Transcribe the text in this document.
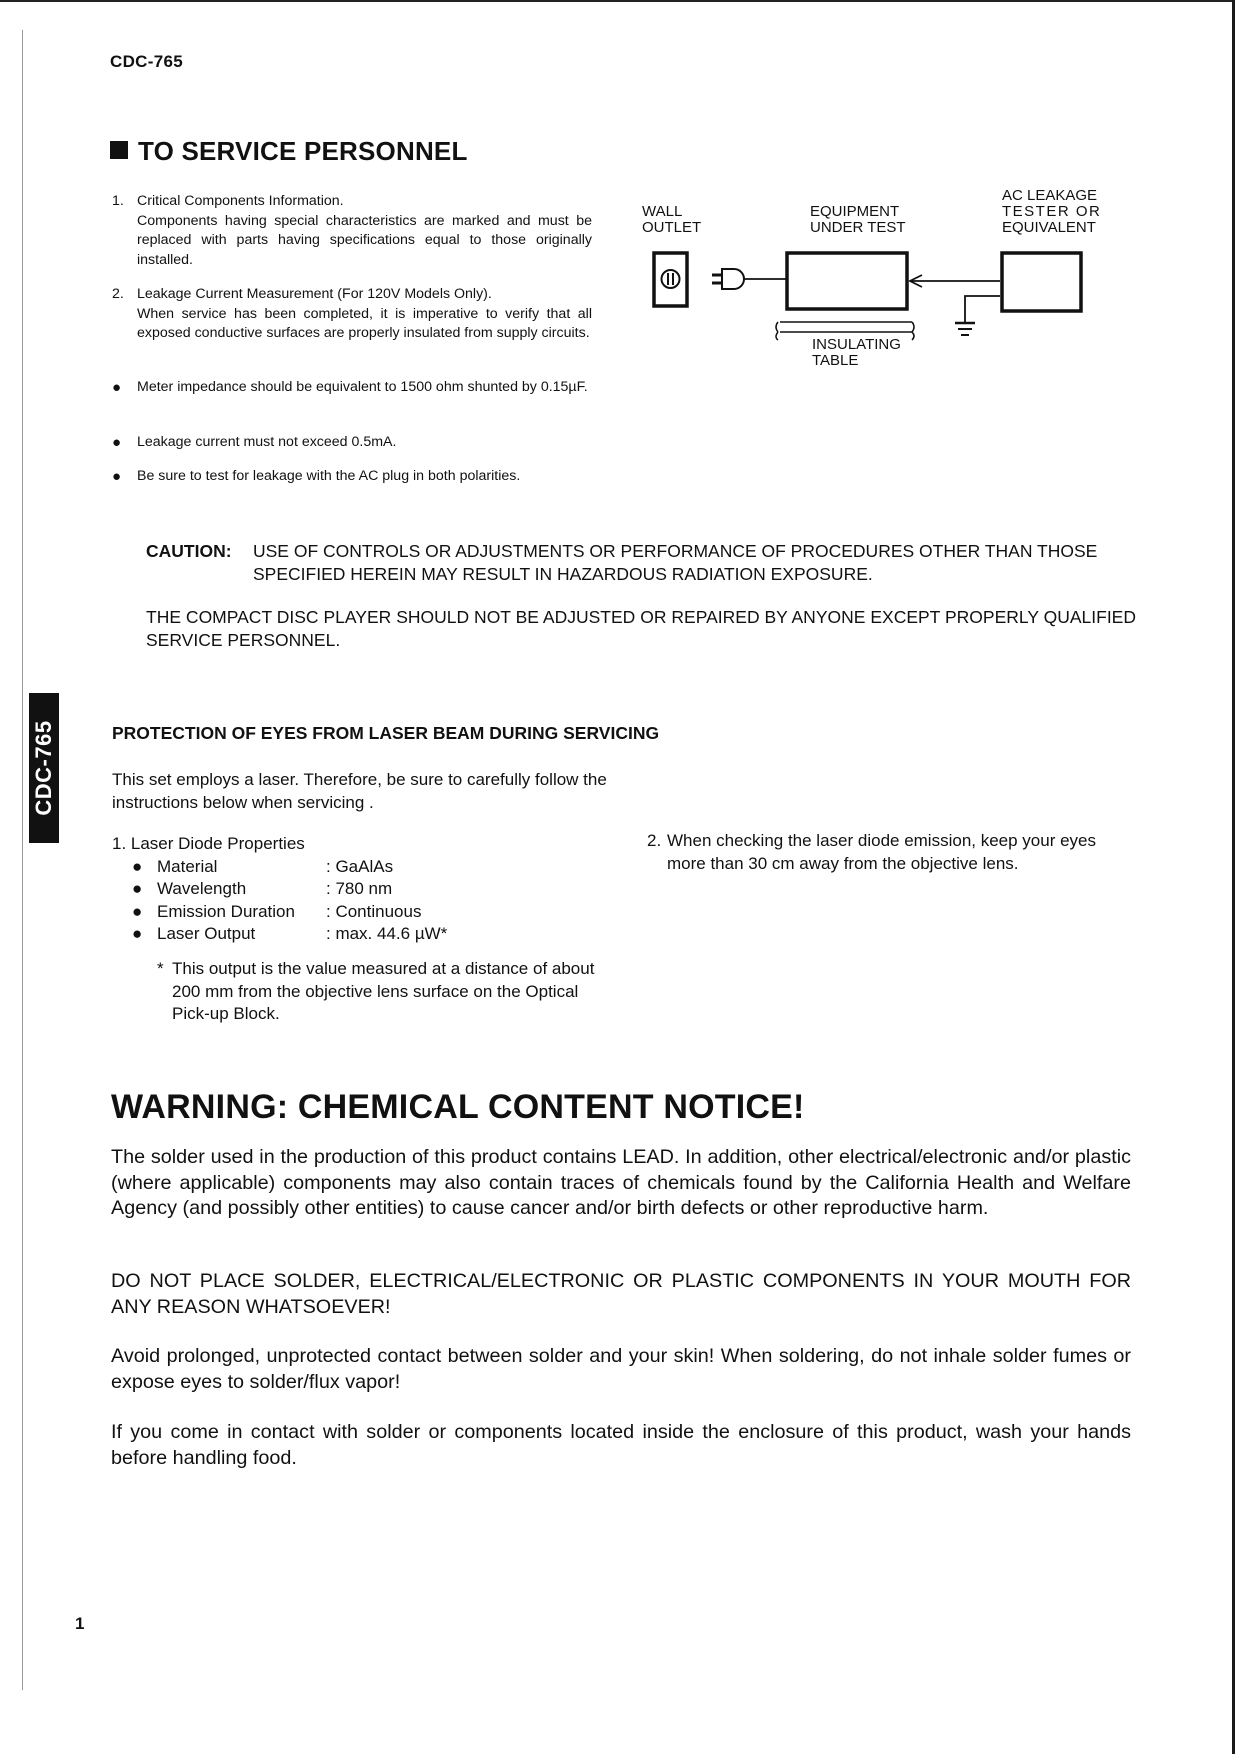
CDC-765
TO SERVICE PERSONNEL
1. Critical Components Information.
Components having special characteristics are marked and must be replaced with parts having specifications equal to those originally installed.
2. Leakage Current Measurement (For 120V Models Only).
When service has been completed, it is imperative to verify that all exposed conductive surfaces are properly insulated from supply circuits.
● Meter impedance should be equivalent to 1500 ohm shunted by 0.15µF.
● Leakage current must not exceed 0.5mA.
● Be sure to test for leakage with the AC plug in both polarities.
WALL
OUTLET
EQUIPMENT
UNDER TEST
AC LEAKAGE
TESTER OR
EQUIVALENT
INSULATING
TABLE
CAUTION: USE OF CONTROLS OR ADJUSTMENTS OR PERFORMANCE OF PROCEDURES OTHER THAN THOSE SPECIFIED HEREIN MAY RESULT IN HAZARDOUS RADIATION EXPOSURE.
THE COMPACT DISC PLAYER SHOULD NOT BE ADJUSTED OR REPAIRED BY ANYONE EXCEPT PROPERLY QUALIFIED SERVICE PERSONNEL.
CDC-765	PROTECTION OF EYES FROM LASER BEAM DURING SERVICING
This set employs a laser. Therefore, be sure to carefully follow the instructions below when servicing .
1. Laser Diode Properties
● Material	: GaAlAs
● Wavelength	: 780 nm
● Emission Duration : Continuous
● Laser Output	: max. 44.6 µW*
* This output is the value measured at a distance of about 200 mm from the objective lens surface on the Optical Pick-up Block.
2. When checking the laser diode emission, keep your eyes more than 30 cm away from the objective lens.
WARNING: CHEMICAL CONTENT NOTICE!
The solder used in the production of this product contains LEAD. In addition, other electrical/electronic and/or plastic (where applicable) components may also contain traces of chemicals found by the California Health and Welfare Agency (and possibly other entities) to cause cancer and/or birth defects or other reproductive harm.
DO NOT PLACE SOLDER, ELECTRICAL/ELECTRONIC OR PLASTIC COMPONENTS IN YOUR MOUTH FOR ANY REASON WHATSOEVER!
Avoid prolonged, unprotected contact between solder and your skin! When soldering, do not inhale solder fumes or expose eyes to solder/flux vapor!
If you come in contact with solder or components located inside the enclosure of this product, wash your hands before handling food.
1
